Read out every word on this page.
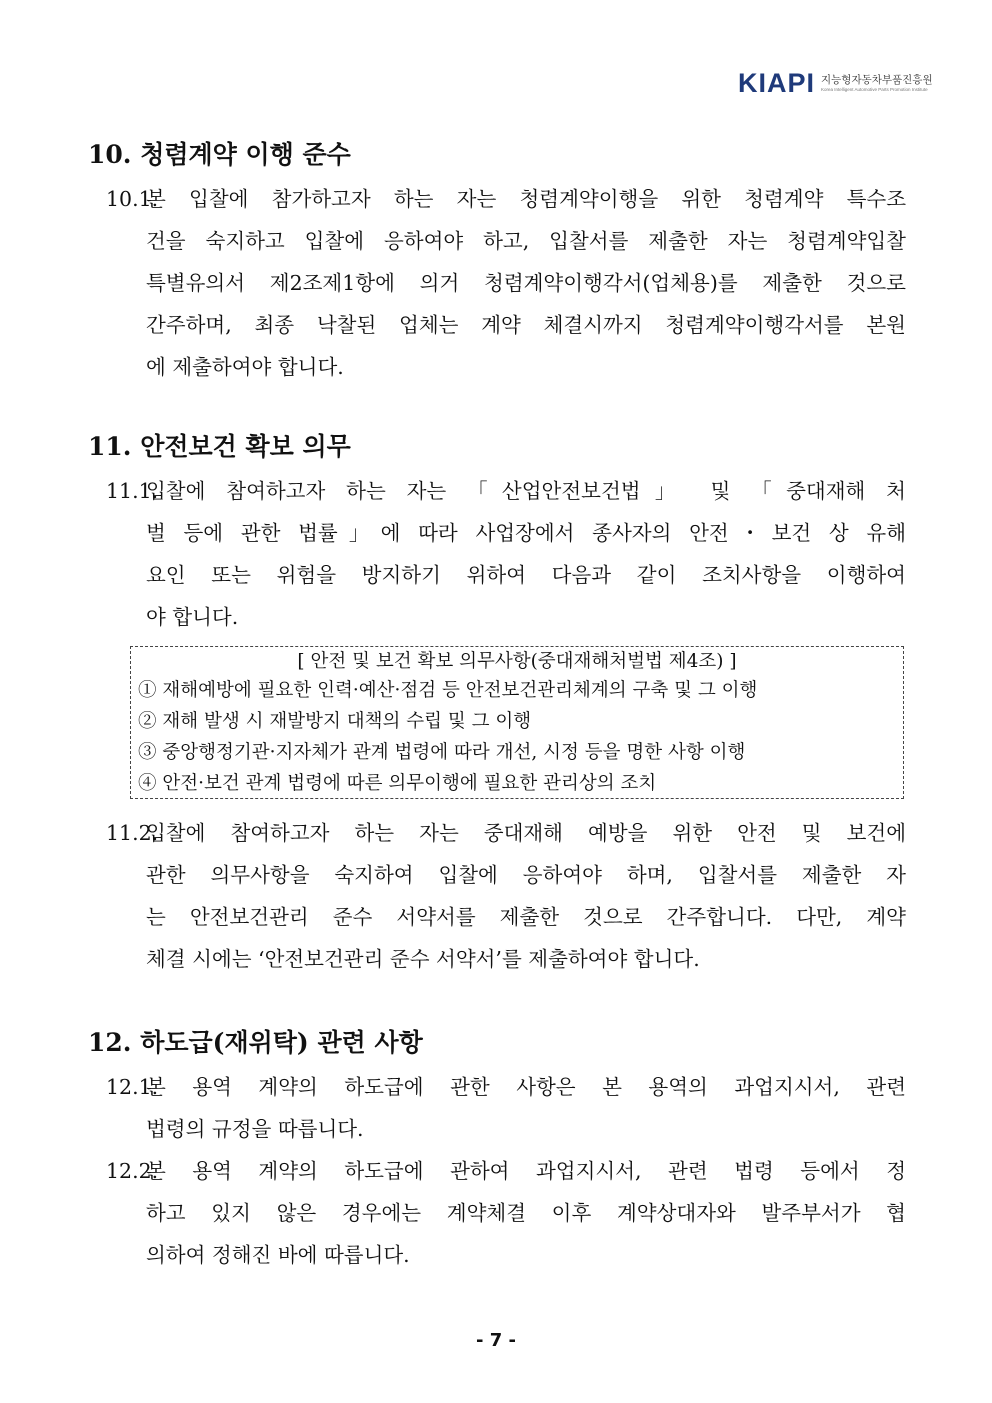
KIAPI 지능형자동차부품진흥원
Korea Intelligent Automotive Parts Promotion Institute
10. 청렴계약 이행 준수
10.1.
본 입찰에 참가하고자 하는 자는 청렴계약이행을 위한 청렴계약 특수조
건을 숙지하고 입찰에 응하여야 하고, 입찰서를 제출한 자는 청렴계약입찰
특별유의서 제2조제1항에 의거 청렴계약이행각서(업체용)를 제출한 것으로
간주하며, 최종 낙찰된 업체는 계약 체결시까지 청렴계약이행각서를 본원
에 제출하여야 합니다.
11. 안전보건 확보 의무
11.1.
입찰에 참여하고자 하는 자는 「산업안전보건법」 및 「중대재해 처
벌 등에 관한 법률」에 따라 사업장에서 종사자의 안전・보건 상 유해
요인 또는 위험을 방지하기 위하여 다음과 같이 조치사항을 이행하여
야 합니다.
[ 안전 및 보건 확보 의무사항(중대재해처벌법 제4조) ]
① 재해예방에 필요한 인력·예산·점검 등 안전보건관리체계의 구축 및 그 이행
② 재해 발생 시 재발방지 대책의 수립 및 그 이행
③ 중앙행정기관·지자체가 관계 법령에 따라 개선, 시정 등을 명한 사항 이행
④ 안전·보건 관계 법령에 따른 의무이행에 필요한 관리상의 조치
11.2.
입찰에 참여하고자 하는 자는 중대재해 예방을 위한 안전 및 보건에
관한 의무사항을 숙지하여 입찰에 응하여야 하며, 입찰서를 제출한 자
는 안전보건관리 준수 서약서를 제출한 것으로 간주합니다. 다만, 계약
체결 시에는 ‘안전보건관리 준수 서약서’를 제출하여야 합니다.
12. 하도급(재위탁) 관련 사항
12.1.
본 용역 계약의 하도급에 관한 사항은 본 용역의 과업지시서, 관련
법령의 규정을 따릅니다.
12.2.
본 용역 계약의 하도급에 관하여 과업지시서, 관련 법령 등에서 정
하고 있지 않은 경우에는 계약체결 이후 계약상대자와 발주부서가 협
의하여 정해진 바에 따릅니다.
- 7 -
